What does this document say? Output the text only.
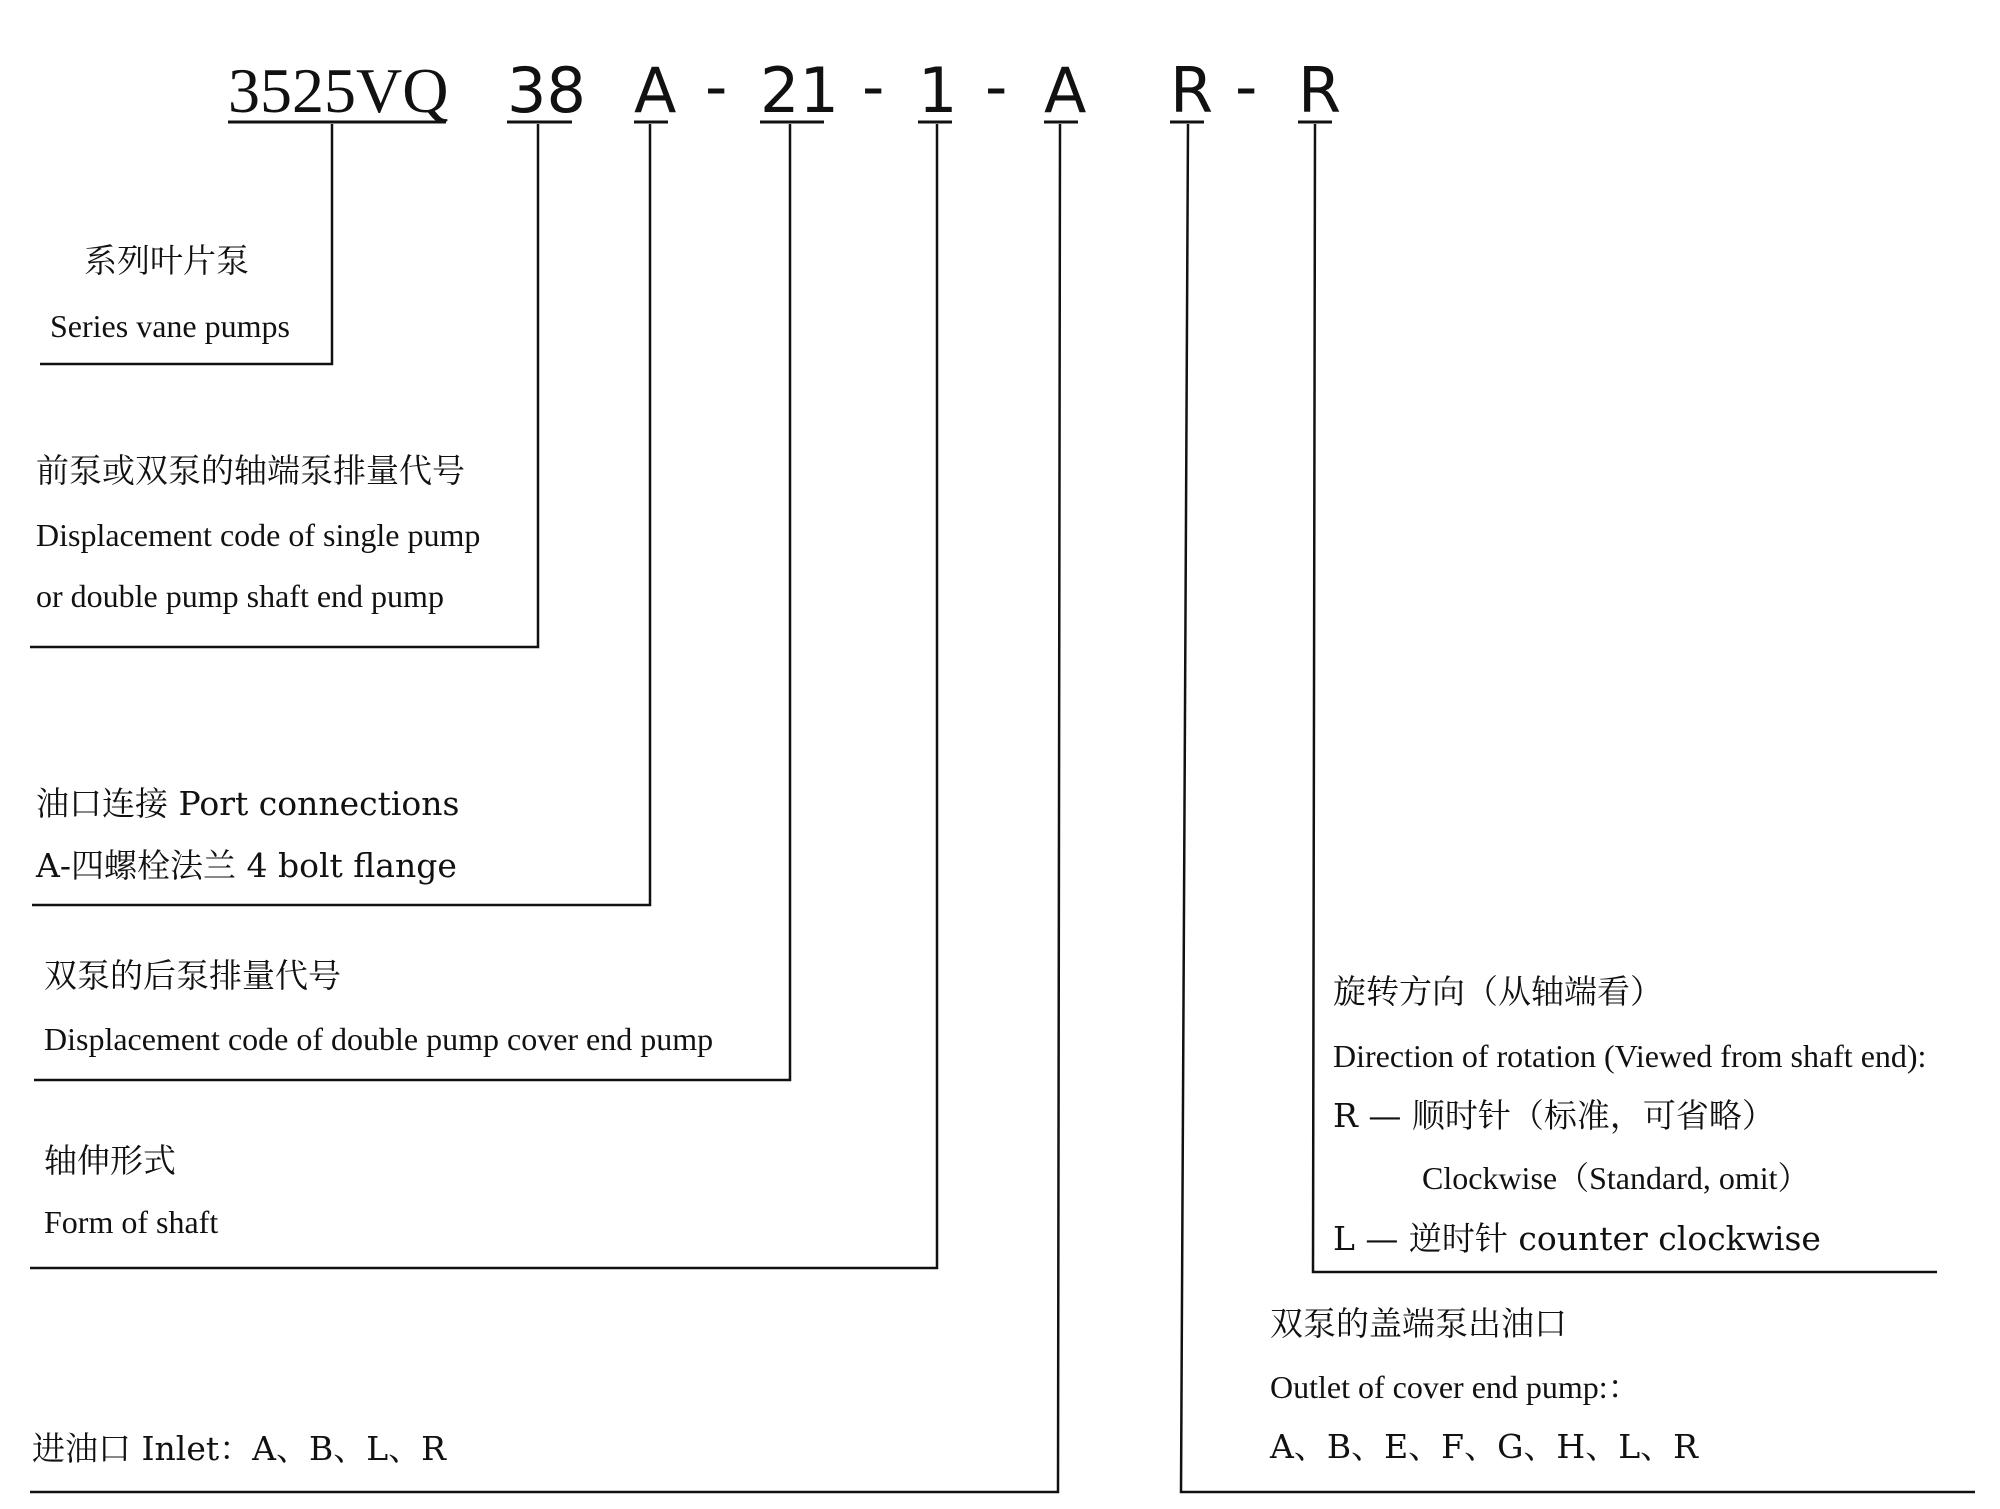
3525VQ 38 A - 21 - 1 - A R - R
系列叶片泵
Series vane pumps
前泵或双泵的轴端泵排量代号
Displacement code of single pump
or double pump shaft end pump
油口连接 Port connections
A-四螺栓法兰 4 bolt flange
双泵的后泵排量代号
Displacement code of double pump cover end pump
轴伸形式
Form of shaft
进油口 Inlet：A、B、L、R
旋转方向（从轴端看）
Direction of rotation (Viewed from shaft end):
R — 顺时针（标准，可省略）
Clockwise（Standard, omit）
L — 逆时针 counter clockwise
双泵的盖端泵出油口
Outlet of cover end pump:：
A、B、E、F、G、H、L、R
